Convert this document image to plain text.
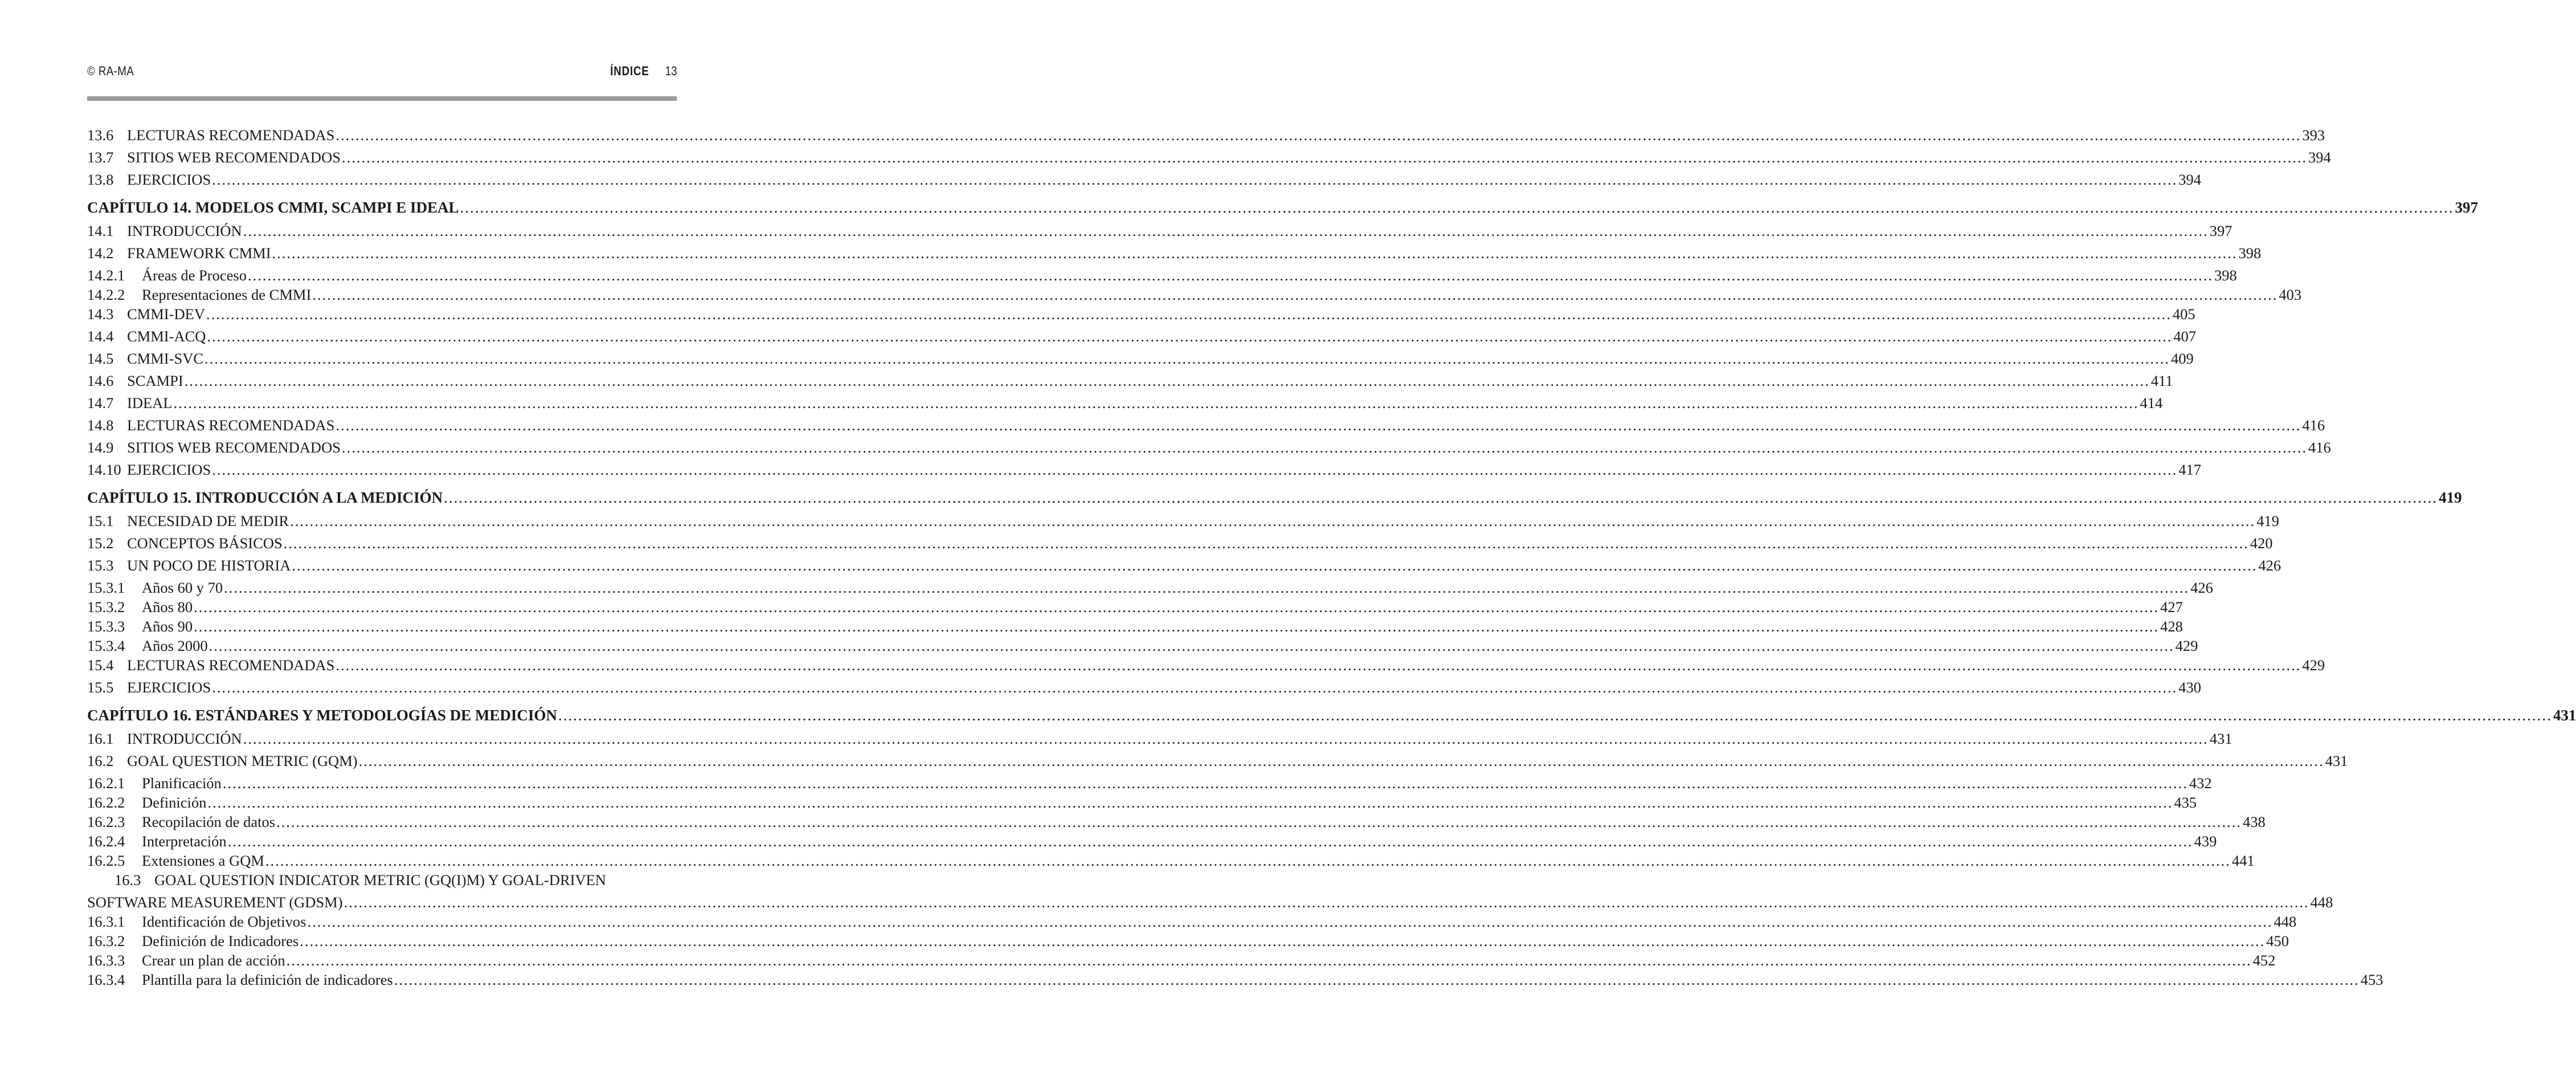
© RA-MA	ÍNDICE 13
13.6 LECTURAS RECOMENDADAS ................................................................................................................................................................................................................................................................................................................................................................................................................ 393
13.7 SITIOS WEB RECOMENDADOS ................................................................................................................................................................................................................................................................................................................................................................................................................ 394
13.8 EJERCICIOS ................................................................................................................................................................................................................................................................................................................................................................................................................ 394
CAPÍTULO 14. MODELOS CMMI, SCAMPI E IDEAL ................................................................................................................................................................................................................................................................................................................................................................................................................ 397
14.1 INTRODUCCIÓN ................................................................................................................................................................................................................................................................................................................................................................................................................ 397
14.2 FRAMEWORK CMMI ................................................................................................................................................................................................................................................................................................................................................................................................................ 398
14.2.1	Áreas de Proceso ................................................................................................................................................................................................................................................................................................................................................................................................................ 398
14.2.2	Representaciones de CMMI ................................................................................................................................................................................................................................................................................................................................................................................................................ 403
14.3 CMMI-DEV ................................................................................................................................................................................................................................................................................................................................................................................................................ 405
14.4 CMMI-ACQ ................................................................................................................................................................................................................................................................................................................................................................................................................ 407
14.5 CMMI-SVC ................................................................................................................................................................................................................................................................................................................................................................................................................ 409
14.6 SCAMPI ................................................................................................................................................................................................................................................................................................................................................................................................................ 411
14.7 IDEAL ................................................................................................................................................................................................................................................................................................................................................................................................................ 414
14.8 LECTURAS RECOMENDADAS ................................................................................................................................................................................................................................................................................................................................................................................................................ 416
14.9 SITIOS WEB RECOMENDADOS ................................................................................................................................................................................................................................................................................................................................................................................................................ 416
14.10 EJERCICIOS ................................................................................................................................................................................................................................................................................................................................................................................................................ 417
CAPÍTULO 15. INTRODUCCIÓN A LA MEDICIÓN ................................................................................................................................................................................................................................................................................................................................................................................................................ 419
15.1 NECESIDAD DE MEDIR ................................................................................................................................................................................................................................................................................................................................................................................................................ 419
15.2 CONCEPTOS BÁSICOS ................................................................................................................................................................................................................................................................................................................................................................................................................ 420
15.3 UN POCO DE HISTORIA ................................................................................................................................................................................................................................................................................................................................................................................................................ 426
15.3.1	Años 60 y 70 ................................................................................................................................................................................................................................................................................................................................................................................................................ 426
15.3.2	Años 80 ................................................................................................................................................................................................................................................................................................................................................................................................................ 427
15.3.3	Años 90 ................................................................................................................................................................................................................................................................................................................................................................................................................ 428
15.3.4	Años 2000 ................................................................................................................................................................................................................................................................................................................................................................................................................ 429
15.4 LECTURAS RECOMENDADAS ................................................................................................................................................................................................................................................................................................................................................................................................................ 429
15.5 EJERCICIOS ................................................................................................................................................................................................................................................................................................................................................................................................................ 430
CAPÍTULO 16. ESTÁNDARES Y METODOLOGÍAS DE MEDICIÓN ................................................................................................................................................................................................................................................................................................................................................................................................................ 431
16.1 INTRODUCCIÓN ................................................................................................................................................................................................................................................................................................................................................................................................................ 431
16.2 GOAL QUESTION METRIC (GQM) ................................................................................................................................................................................................................................................................................................................................................................................................................ 431
16.2.1	Planificación ................................................................................................................................................................................................................................................................................................................................................................................................................ 432
16.2.2	Definición ................................................................................................................................................................................................................................................................................................................................................................................................................ 435
16.2.3	Recopilación de datos ................................................................................................................................................................................................................................................................................................................................................................................................................ 438
16.2.4	Interpretación ................................................................................................................................................................................................................................................................................................................................................................................................................ 439
16.2.5	Extensiones a GQM ................................................................................................................................................................................................................................................................................................................................................................................................................ 441
16.3 GOAL QUESTION INDICATOR METRIC (GQ(I)M) Y GOAL-DRIVEN
SOFTWARE MEASUREMENT (GDSM) ................................................................................................................................................................................................................................................................................................................................................................................................................ 448
16.3.1	Identificación de Objetivos ................................................................................................................................................................................................................................................................................................................................................................................................................ 448
16.3.2	Definición de Indicadores ................................................................................................................................................................................................................................................................................................................................................................................................................ 450
16.3.3	Crear un plan de acción ................................................................................................................................................................................................................................................................................................................................................................................................................ 452
16.3.4	Plantilla para la definición de indicadores ................................................................................................................................................................................................................................................................................................................................................................................................................ 453
